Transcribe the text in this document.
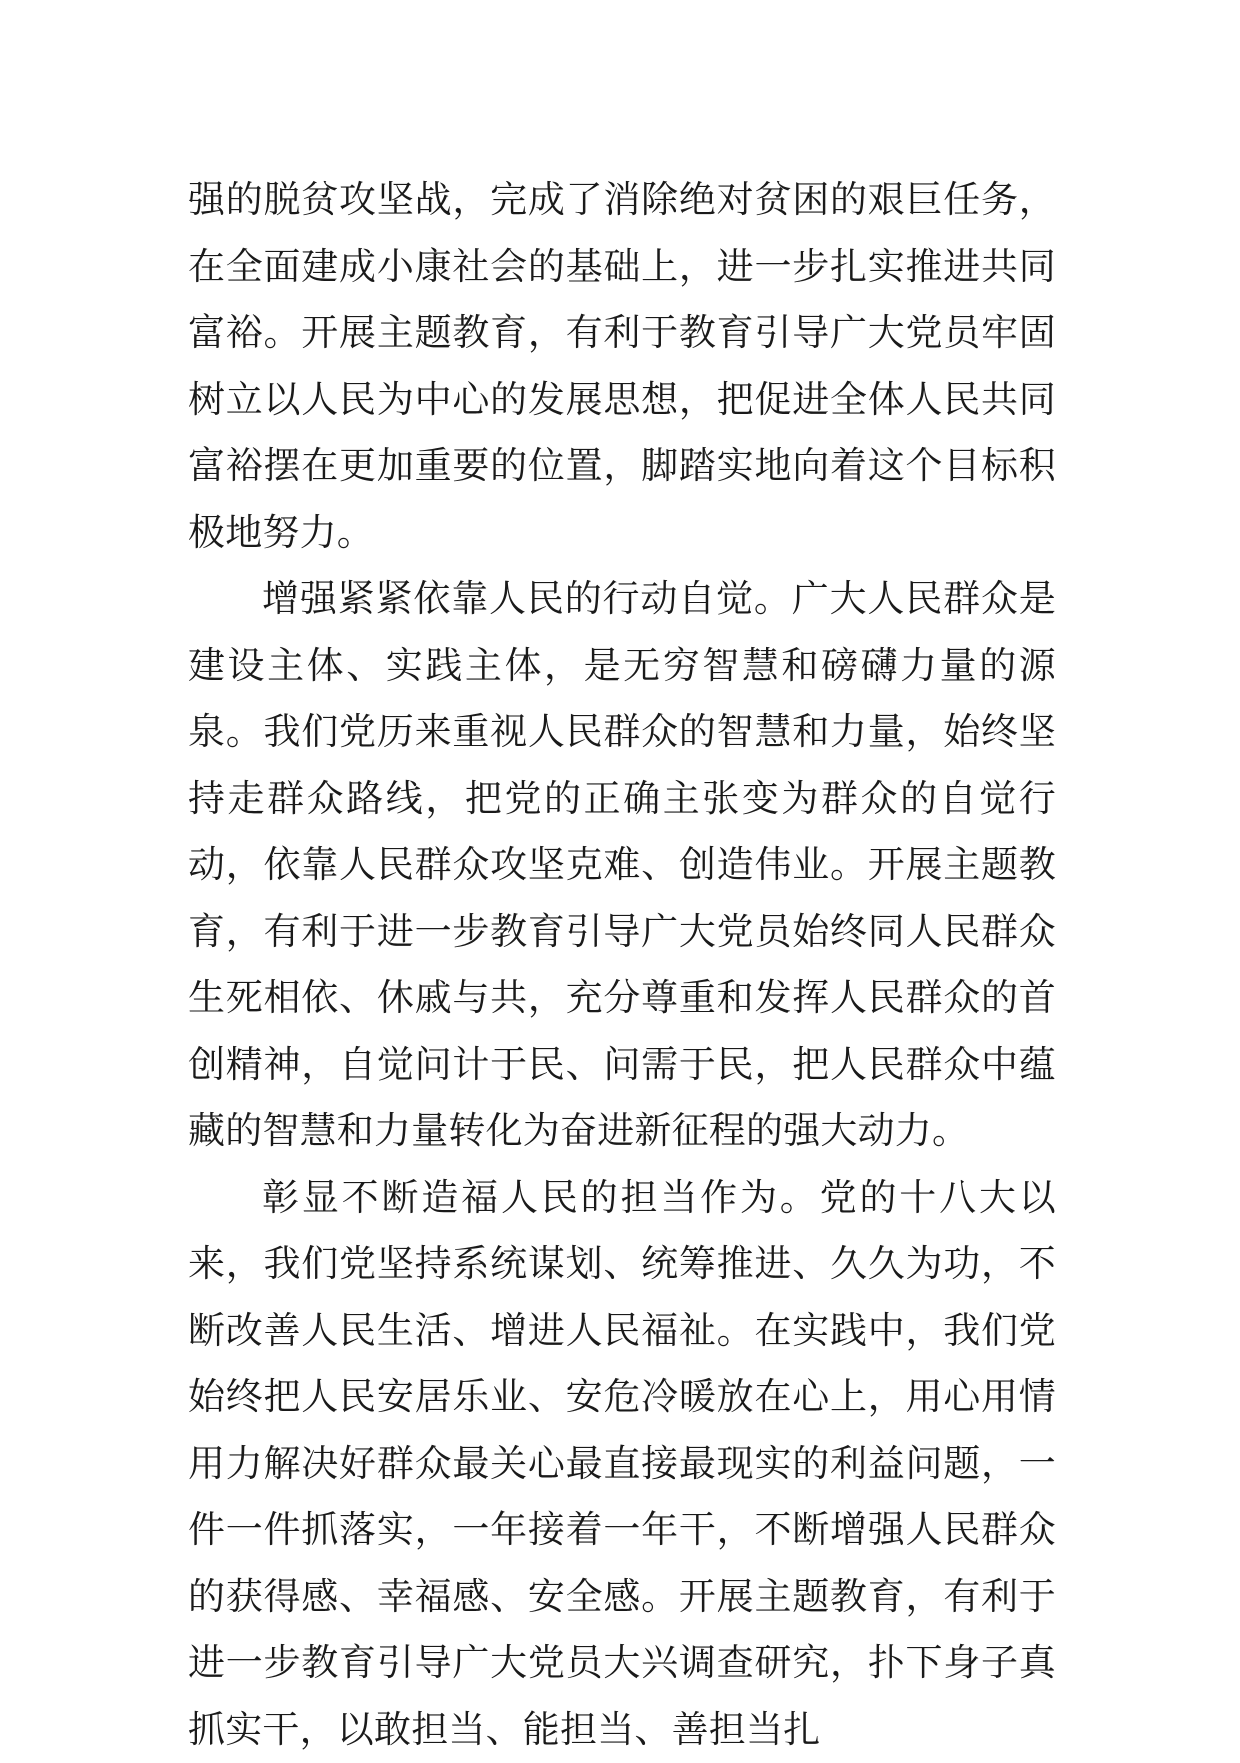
强的脱贫攻坚战，完成了消除绝对贫困的艰巨任务，在全面建成小康社会的基础上，进一步扎实推进共同富裕。开展主题教育，有利于教育引导广大党员牢固树立以人民为中心的发展思想，把促进全体人民共同富裕摆在更加重要的位置，脚踏实地向着这个目标积极地努力。

增强紧紧依靠人民的行动自觉。广大人民群众是建设主体、实践主体，是无穷智慧和磅礴力量的源泉。我们党历来重视人民群众的智慧和力量，始终坚持走群众路线，把党的正确主张变为群众的自觉行动，依靠人民群众攻坚克难、创造伟业。开展主题教育，有利于进一步教育引导广大党员始终同人民群众生死相依、休戚与共，充分尊重和发挥人民群众的首创精神，自觉问计于民、问需于民，把人民群众中蕴藏的智慧和力量转化为奋进新征程的强大动力。

彰显不断造福人民的担当作为。党的十八大以来，我们党坚持系统谋划、统筹推进、久久为功，不断改善人民生活、增进人民福祉。在实践中，我们党始终把人民安居乐业、安危冷暖放在心上，用心用情用力解决好群众最关心最直接最现实的利益问题，一件一件抓落实，一年接着一年干，不断增强人民群众的获得感、幸福感、安全感。开展主题教育，有利于进一步教育引导广大党员大兴调查研究，扑下身子真抓实干，以敢担当、能担当、善担当扎
